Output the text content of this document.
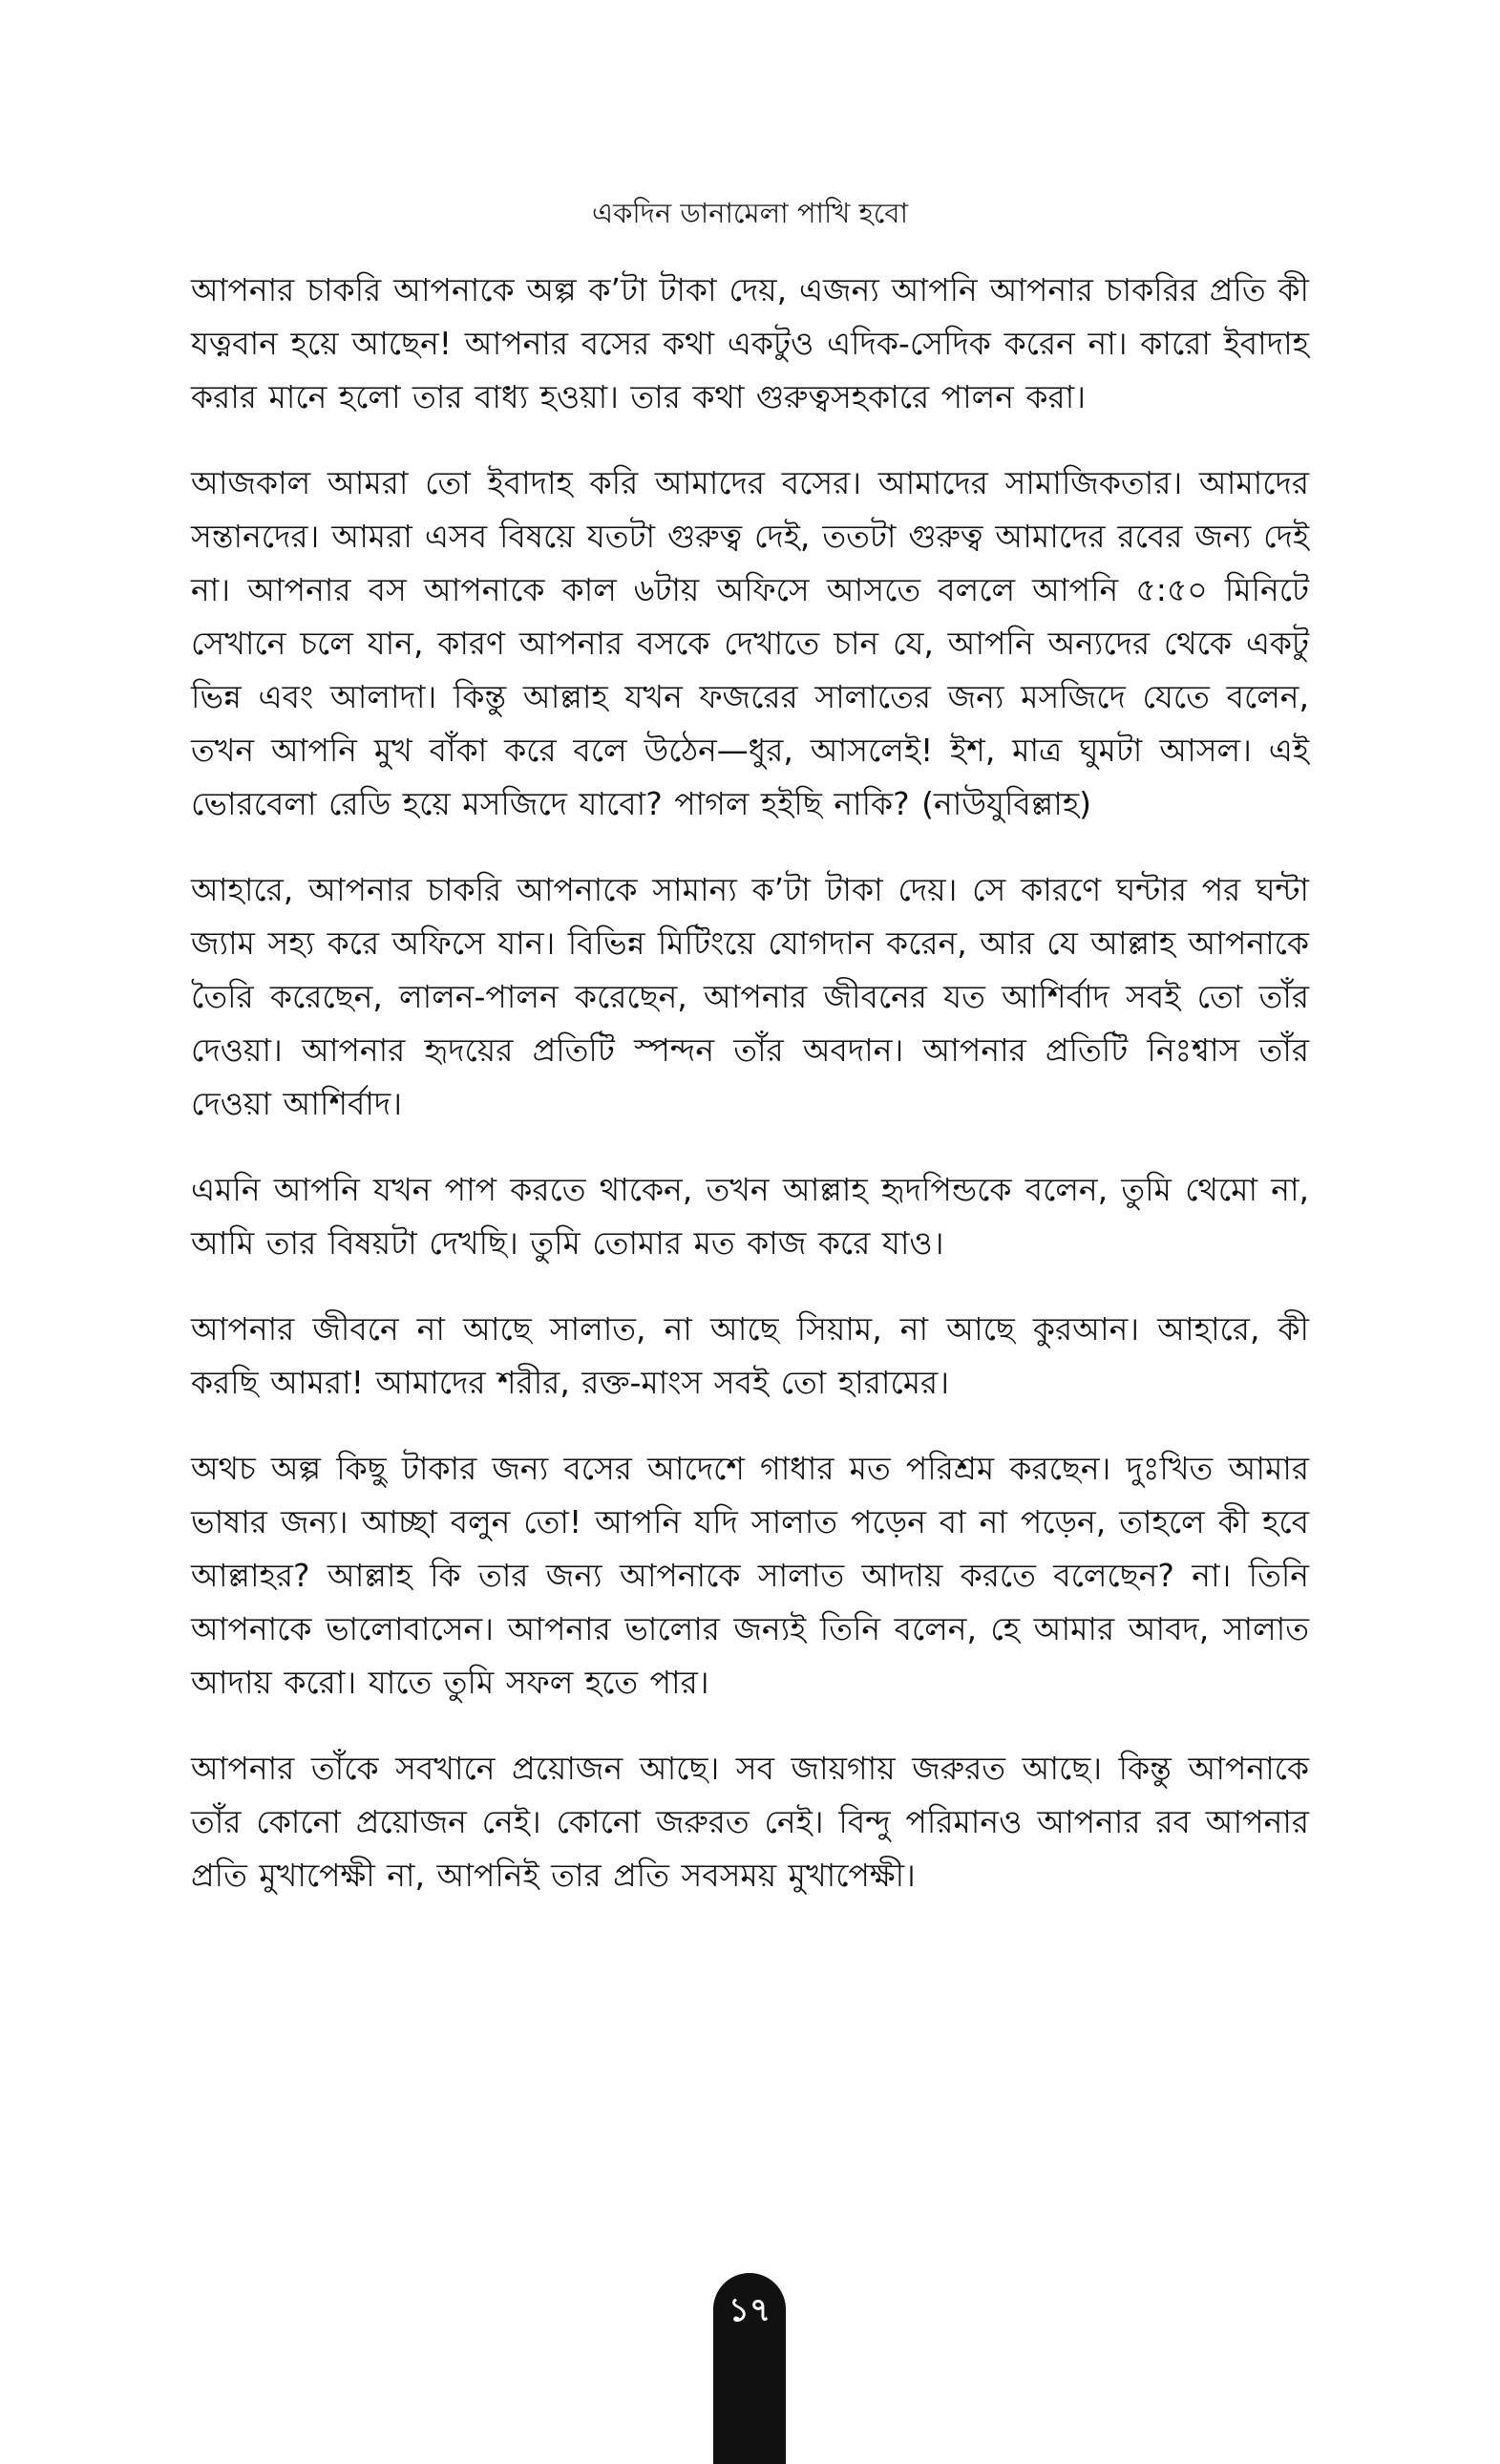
একদিন ডানামেলা পাখি হবো

আপনার চাকরি আপনাকে অল্প ক’টা টাকা দেয়, এজন্য আপনি আপনার চাকরির প্রতি কী যত্নবান হয়ে আছেন! আপনার বসের কথা একটুও এদিক-সেদিক করেন না। কারো ইবাদাহ করার মানে হলো তার বাধ্য হওয়া। তার কথা গুরুত্বসহকারে পালন করা।

আজকাল আমরা তো ইবাদাহ করি আমাদের বসের। আমাদের সামাজিকতার। আমাদের সন্তানদের। আমরা এসব বিষয়ে যতটা গুরুত্ব দেই, ততটা গুরুত্ব আমাদের রবের জন্য দেই না। আপনার বস আপনাকে কাল ৬টায় অফিসে আসতে বললে আপনি ৫:৫০ মিনিটে সেখানে চলে যান, কারণ আপনার বসকে দেখাতে চান যে, আপনি অন্যদের থেকে একটু ভিন্ন এবং আলাদা। কিন্তু আল্লাহ যখন ফজরের সালাতের জন্য মসজিদে যেতে বলেন, তখন আপনি মুখ বাঁকা করে বলে উঠেন—ধুর, আসলেই! ইশ, মাত্র ঘুমটা আসল। এই ভোরবেলা রেডি হয়ে মসজিদে যাবো? পাগল হইছি নাকি? (নাউযুবিল্লাহ)

আহারে, আপনার চাকরি আপনাকে সামান্য ক’টা টাকা দেয়। সে কারণে ঘন্টার পর ঘন্টা জ্যাম সহ্য করে অফিসে যান। বিভিন্ন মিটিংয়ে যোগদান করেন, আর যে আল্লাহ আপনাকে তৈরি করেছেন, লালন-পালন করেছেন, আপনার জীবনের যত আশির্বাদ সবই তো তাঁর দেওয়া। আপনার হৃদয়ের প্রতিটি স্পন্দন তাঁর অবদান। আপনার প্রতিটি নিঃশ্বাস তাঁর দেওয়া আশির্বাদ।

এমনি আপনি যখন পাপ করতে থাকেন, তখন আল্লাহ হৃদপিন্ডকে বলেন, তুমি থেমো না, আমি তার বিষয়টা দেখছি। তুমি তোমার মত কাজ করে যাও।

আপনার জীবনে না আছে সালাত, না আছে সিয়াম, না আছে কুরআন। আহারে, কী করছি আমরা! আমাদের শরীর, রক্ত-মাংস সবই তো হারামের।

অথচ অল্প কিছু টাকার জন্য বসের আদেশে গাধার মত পরিশ্রম করছেন। দুঃখিত আমার ভাষার জন্য। আচ্ছা বলুন তো! আপনি যদি সালাত পড়েন বা না পড়েন, তাহলে কী হবে আল্লাহর? আল্লাহ কি তার জন্য আপনাকে সালাত আদায় করতে বলেছেন? না। তিনি আপনাকে ভালোবাসেন। আপনার ভালোর জন্যই তিনি বলেন, হে আমার আবদ, সালাত আদায় করো। যাতে তুমি সফল হতে পার।

আপনার তাঁকে সবখানে প্রয়োজন আছে। সব জায়গায় জরুরত আছে। কিন্তু আপনাকে তাঁর কোনো প্রয়োজন নেই। কোনো জরুরত নেই। বিন্দু পরিমানও আপনার রব আপনার প্রতি মুখাপেক্ষী না, আপনিই তার প্রতি সবসময় মুখাপেক্ষী।

১৭
